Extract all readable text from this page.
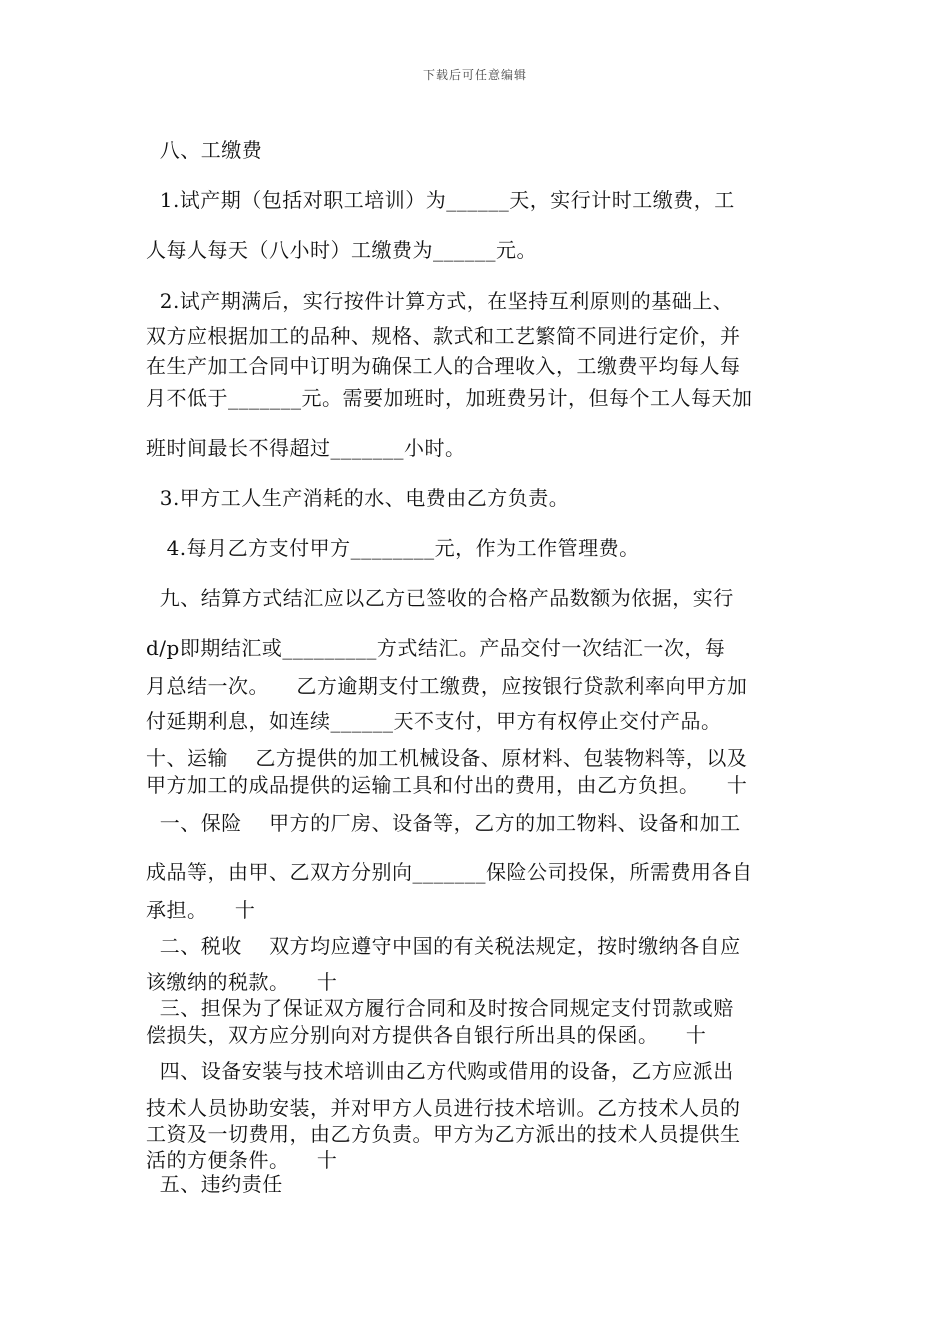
下载后可任意编辑
八、工缴费
1.试产期（包括对职工培训）为______天，实行计时工缴费，工
人每人每天（八小时）工缴费为______元。
2.试产期满后，实行按件计算方式，在坚持互利原则的基础上、
双方应根据加工的品种、规格、款式和工艺繁简不同进行定价，并
在生产加工合同中订明为确保工人的合理收入，工缴费平均每人每
月不低于_______元。需要加班时，加班费另计，但每个工人每天加
班时间最长不得超过_______小时。
3.甲方工人生产消耗的水、电费由乙方负责。
4.每月乙方支付甲方________元，作为工作管理费。
九、结算方式结汇应以乙方已签收的合格产品数额为依据，实行
d/p即期结汇或_________方式结汇。产品交付一次结汇一次，每
月总结一次。    乙方逾期支付工缴费，应按银行贷款利率向甲方加
付延期利息，如连续______天不支付，甲方有权停止交付产品。
十、运输    乙方提供的加工机械设备、原材料、包装物料等，以及
甲方加工的成品提供的运输工具和付出的费用，由乙方负担。    十
一、保险    甲方的厂房、设备等，乙方的加工物料、设备和加工
成品等，由甲、乙双方分别向_______保险公司投保，所需费用各自
承担。    十
二、税收    双方均应遵守中国的有关税法规定，按时缴纳各自应
该缴纳的税款。    十
三、担保为了保证双方履行合同和及时按合同规定支付罚款或赔
偿损失，双方应分别向对方提供各自银行所出具的保函。    十
四、设备安装与技术培训由乙方代购或借用的设备，乙方应派出
技术人员协助安装，并对甲方人员进行技术培训。乙方技术人员的
工资及一切费用，由乙方负责。甲方为乙方派出的技术人员提供生
活的方便条件。    十
五、违约责任
